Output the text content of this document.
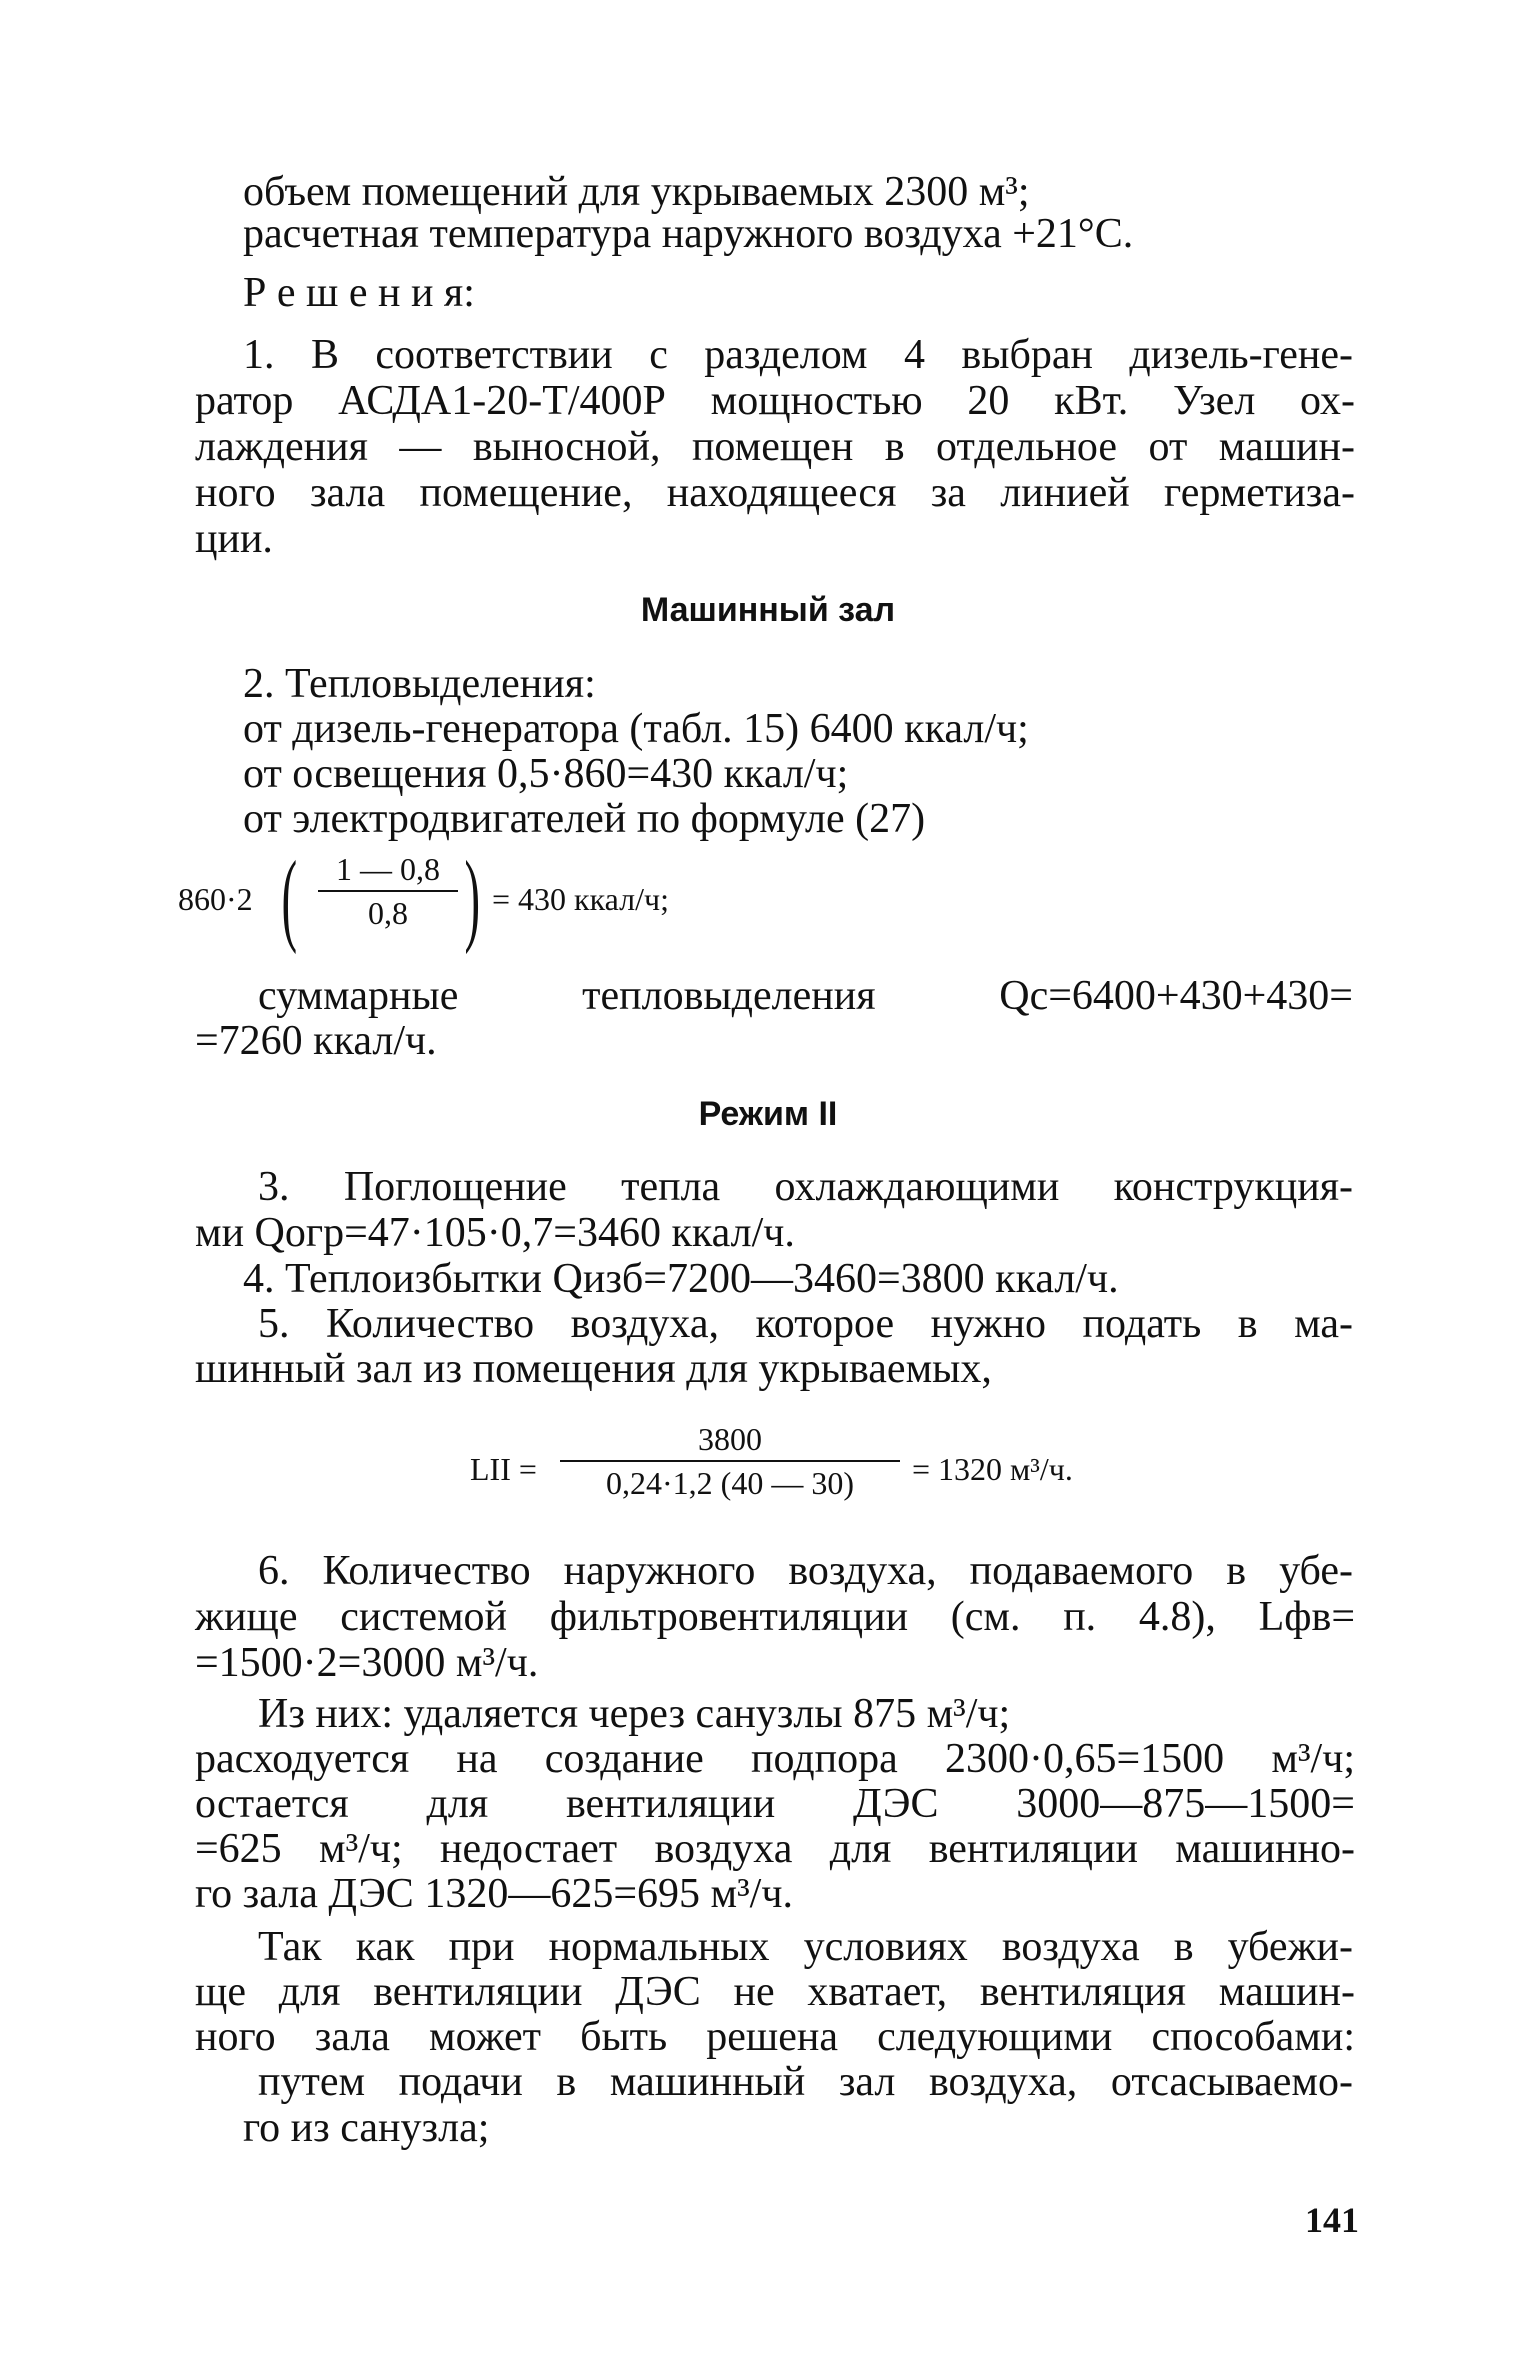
объем помещений для укрываемых 2300 м³;
расчетная температура наружного воздуха +21°С.
Р е ш е н и я:
1. В соответствии с разделом 4 выбран дизель-гене-
ратор АСДА1-20-Т/400Р мощностью 20 кВт. Узел ох-
лаждения — выносной, помещен в отдельное от машин-
ного зала помещение, находящееся за линией герметиза-
ции.
Машинный зал
2. Тепловыделения:
от дизель-генератора (табл. 15) 6400 ккал/ч;
от освещения 0,5·860=430 ккал/ч;
от электродвигателей по формуле (27)
860·2 (	1 — 0,8
0,8 ) = 430 ккал/ч;
суммарные тепловыделения Qс=6400+430+430=
=7260 ккал/ч.
Режим II
3. Поглощение тепла охлаждающими конструкция-
ми Qогр=47·105·0,7=3460 ккал/ч.
4. Теплоизбытки Qизб=7200—3460=3800 ккал/ч.
5. Количество воздуха, которое нужно подать в ма-
шинный зал из помещения для укрываемых,
LII =
3800
0,24·1,2 (40 — 30)	= 1320 м³/ч.
6. Количество наружного воздуха, подаваемого в убе-
жище системой фильтровентиляции (см. п. 4.8), Lфв=
=1500·2=3000 м³/ч.
Из них: удаляется через санузлы 875 м³/ч;
расходуется на создание подпора 2300·0,65=1500 м³/ч;
остается для вентиляции ДЭС 3000—875—1500=
=625 м³/ч; недостает воздуха для вентиляции машинно-
го зала ДЭС 1320—625=695 м³/ч.
Так как при нормальных условиях воздуха в убежи-
ще для вентиляции ДЭС не хватает, вентиляция машин-
ного зала может быть решена следующими способами:
путем подачи в машинный зал воздуха, отсасываемо-
го из санузла;
141
